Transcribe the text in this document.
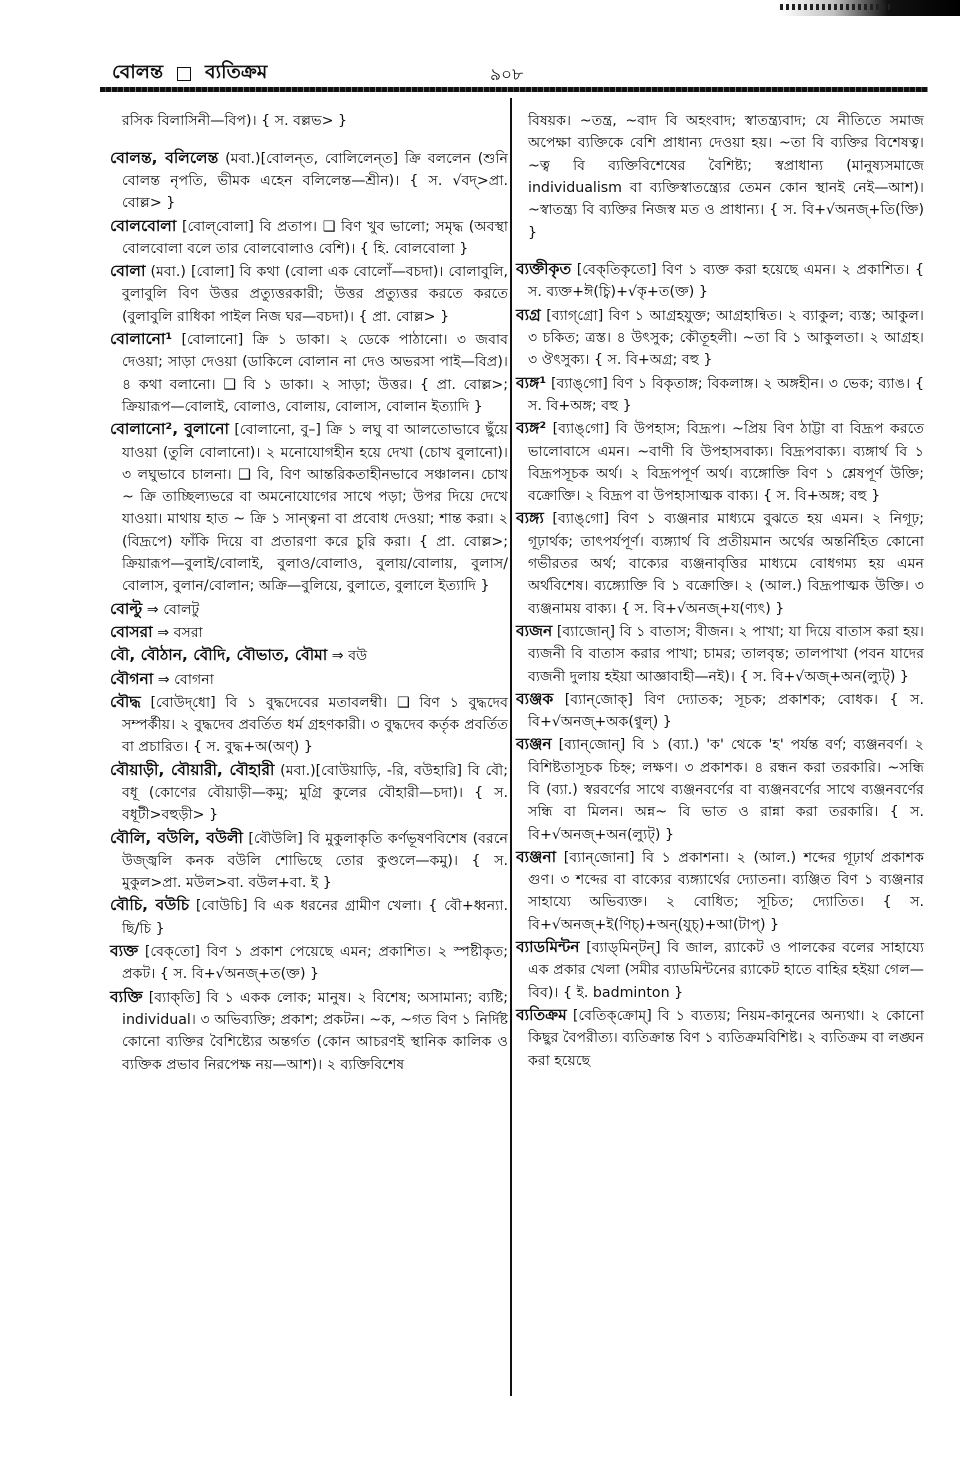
বোলন্ত ব্যতিক্রম	৯০৮

রসিক বিলাসিনী—বিপ)। { স. বল্লভ> }

বোলন্ত, বলিলেন্ত (মবা.)[বোলন্‌ত, বোলিলেন্‌ত] ক্রি বললেন (শুনি বোলন্ত নৃপতি, ভীমক এহেন বলিলেন্ত—শ্রীন)। { স. √বদ্>প্রা. বোল্ল> }

বোলবোলা [বোল্‌বোলা] বি প্রতাপ। ❑ বিণ খুব ভালো; সমৃদ্ধ (অবস্থা বোলবোলা বলে তার বোলবোলাও বেশি)। { হি. বোলবোলা }

বোলা (মবা.) [বোলা] বি কথা (বোলা এক বোলোঁ—বচদা)। বোলাবুলি, বুলাবুলি বিণ উত্তর প্রত্যুত্তরকারী; উত্তর প্রত্যুত্তর করতে করতে (বুলাবুলি রাধিকা পাইল নিজ ঘর—বচদা)। { প্রা. বোল্ল> }

বোলানো¹ [বোলানো] ক্রি ১ ডাকা। ২ ডেকে পাঠানো। ৩ জবাব দেওয়া; সাড়া দেওয়া (ডাকিলে বোলান না দেও অভরসা পাই—বিপ্র)। ৪ কথা বলানো। ❑ বি ১ ডাকা। ২ সাড়া; উত্তর। { প্রা. বোল্ল>; ক্রিয়ারূপ—বোলাই, বোলাও, বোলায়, বোলাস, বোলান ইত্যাদি }

বোলানো², বুলানো [বোলানো, বু–] ক্রি ১ লঘু বা আলতোভাবে ছুঁয়ে যাওয়া (তুলি বোলানো)। ২ মনোযোগহীন হয়ে দেখা (চোখ বুলানো)। ৩ লঘুভাবে চালনা। ❑ বি, বিণ আন্তরিকতাহীনভাবে সঞ্চালন। চোখ ~ ক্রি তাচ্ছিল্যভরে বা অমনোযোগের সাথে পড়া; উপর দিয়ে দেখে যাওয়া। মাথায় হাত ~ ক্রি ১ সান্ত্বনা বা প্রবোধ দেওয়া; শান্ত করা। ২ (বিদ্রূপে) ফাঁকি দিয়ে বা প্রতারণা করে চুরি করা। { প্রা. বোল্ল>; ক্রিয়ারূপ—বুলাই/বোলাই, বুলাও/বোলাও, বুলায়/বোলায়, বুলাস/বোলাস, বুলান/বোলান; অক্রি—বুলিয়ে, বুলাতে, বুলালে ইত্যাদি }

বোল্টু ⇒ বোলটু

বোসরা ⇒ বসরা

বৌ, বৌঠান, বৌদি, বৌভাত, বৌমা ⇒ বউ

বৌগনা ⇒ বোগনা

বৌদ্ধ [বোউদ্‌ধো] বি ১ বুদ্ধদেবের মতাবলম্বী। ❑ বিণ ১ বুদ্ধদেব সম্পর্কীয়। ২ বুদ্ধদেব প্রবর্তিত ধর্ম গ্রহণকারী। ৩ বুদ্ধদেব কর্তৃক প্রবর্তিত বা প্রচারিত। { স. বুদ্ধ+অ(অণ্) }

বৌয়াড়ী, বৌয়ারী, বৌহারী (মবা.)[বোউয়াড়ি, -রি, বউহারি] বি বৌ; বধূ (কোণের বৌয়াড়ী—কমু; মুগ্রি কুলের বৌহারী—চদা)। { স. বধূটী>বহুড়ী> }

বৌলি, বউলি, বউলী [বৌউলি] বি মুকুলাকৃতি কর্ণভূষণবিশেষ (বরনে উজ্জ্বলি কনক বউলি শোভিছে তোর কুণ্ডলে—কমু)। { স. মুকুল>প্রা. মউল>বা. বউল+বা. ই }

বৌচি, বউচি [বোউচি] বি এক ধরনের গ্রামীণ খেলা। { বৌ+ধ্বন্যা. ছি/চি }

ব্যক্ত [বেক্‌তো] বিণ ১ প্রকাশ পেয়েছে এমন; প্রকাশিত। ২ স্পষ্টীকৃত; প্রকট। { স. বি+√অনজ্+ত(ক্ত) }

ব্যক্তি [ব্যাক্‌তি] বি ১ একক লোক; মানুষ। ২ বিশেষ; অসামান্য; ব্যষ্টি; individual। ৩ অভিব্যক্তি; প্রকাশ; প্রকটন। ~ক, ~গত বিণ ১ নির্দিষ্ট কোনো ব্যক্তির বৈশিষ্ট্যের অন্তর্গত (কোন আচরণই স্থানিক কালিক ও ব্যক্তিক প্রভাব নিরপেক্ষ নয়—আশ)। ২ ব্যক্তিবিশেষ

বিষয়ক। ~তন্ত্র, ~বাদ বি অহংবাদ; স্বাতন্ত্র্যবাদ; যে নীতিতে সমাজ অপেক্ষা ব্যক্তিকে বেশি প্রাধান্য দেওয়া হয়। ~তা বি ব্যক্তির বিশেষত্ব। ~ত্ব বি ব্যক্তিবিশেষের বৈশিষ্ট্য; স্বপ্রাধান্য (মানুষ্যসমাজে individualism বা ব্যক্তিস্বাতন্ত্র্যের তেমন কোন স্থানই নেই—আশ)। ~স্বাতন্ত্র্য বি ব্যক্তির নিজস্ব মত ও প্রাধান্য। { স. বি+√অনজ্+তি(ক্তি) }

ব্যক্তীকৃত [বেক্‌তিকৃতো] বিণ ১ ব্যক্ত করা হয়েছে এমন। ২ প্রকাশিত। { স. ব্যক্ত+ঈ(চ্বি)+√কৃ+ত(ক্ত) }

ব্যগ্র [ব্যাগ্‌গ্রো] বিণ ১ আগ্রহযুক্ত; আগ্রহান্বিত। ২ ব্যাকুল; ব্যস্ত; আকুল। ৩ চকিত; ত্রস্ত। ৪ উৎসুক; কৌতূহলী। ~তা বি ১ আকুলতা। ২ আগ্রহ। ৩ ঔৎসুক্য। { স. বি+অগ্র; বহু }

ব্যঙ্গ¹ [ব্যাঙ্‌গো] বিণ ১ বিকৃতাঙ্গ; বিকলাঙ্গ। ২ অঙ্গহীন। ৩ ভেক; ব্যাঙ। { স. বি+অঙ্গ; বহু }

ব্যঙ্গ² [ব্যাঙ্‌গো] বি উপহাস; বিদ্রূপ। ~প্রিয় বিণ ঠাট্টা বা বিদ্রূপ করতে ভালোবাসে এমন। ~বাণী বি উপহাসবাক্য। বিদ্রূপবাক্য। ব্যঙ্গার্থ বি ১ বিদ্রূপসূচক অর্থ। ২ বিদ্রূপপূর্ণ অর্থ। ব্যঙ্গোক্তি বিণ ১ শ্লেষপূর্ণ উক্তি; বক্রোক্তি। ২ বিদ্রূপ বা উপহাসাত্মক বাক্য। { স. বি+অঙ্গ; বহু }

ব্যঙ্গ্য [ব্যাঙ্‌গো] বিণ ১ ব্যঞ্জনার মাধ্যমে বুঝতে হয় এমন। ২ নিগূঢ়; গূঢ়ার্থক; তাৎপর্যপূর্ণ। ব্যঙ্গ্যার্থ বি প্রতীয়মান অর্থের অন্তর্নিহিত কোনো গভীরতর অর্থ; বাক্যের ব্যঞ্জনাবৃত্তির মাধ্যমে বোধগম্য হয় এমন অর্থবিশেষ। ব্যঙ্গ্যোক্তি বি ১ বক্রোক্তি। ২ (আল.) বিদ্রূপাত্মক উক্তি। ৩ ব্যঞ্জনাময় বাক্য। { স. বি+√অনজ্+য(ণ্যৎ) }

ব্যজন [ব্যাজোন্] বি ১ বাতাস; বীজন। ২ পাখা; যা দিয়ে বাতাস করা হয়। ব্যজনী বি বাতাস করার পাখা; চামর; তালবৃন্ত; তালপাখা (পবন যাদের ব্যজনী দুলায় হইয়া আজ্ঞাবাহী—নই)। { স. বি+√অজ্+অন(ল্যুট্) }

ব্যঞ্জক [ব্যান্‌জোক্] বিণ দ্যোতক; সূচক; প্রকাশক; বোধক। { স. বি+√অনজ্+অক(ণ্বুল্) }

ব্যঞ্জন [ব্যান্‌জোন্] বি ১ (ব্যা.) 'ক' থেকে 'হ' পর্যন্ত বর্ণ; ব্যঞ্জনবর্ণ। ২ বিশিষ্টতাসূচক চিহ্ন; লক্ষণ। ৩ প্রকাশক। ৪ রন্ধন করা তরকারি। ~সন্ধি বি (ব্যা.) স্বরবর্ণের সাথে ব্যঞ্জনবর্ণের বা ব্যঞ্জনবর্ণের সাথে ব্যঞ্জনবর্ণের সন্ধি বা মিলন। অন্ন~ বি ভাত ও রান্না করা তরকারি। { স. বি+√অনজ্+অন(ল্যুট্) }

ব্যঞ্জনা [ব্যান্‌জোনা] বি ১ প্রকাশনা। ২ (আল.) শব্দের গূঢ়ার্থ প্রকাশক গুণ। ৩ শব্দের বা বাক্যের ব্যঙ্গ্যার্থের দ্যোতনা। ব্যঞ্জিত বিণ ১ ব্যঞ্জনার সাহায্যে অভিব্যক্ত। ২ বোধিত; সূচিত; দ্যোতিত। { স. বি+√অনজ্+ই(ণিচ্)+অন্(যুচ্)+আ(টাপ্) }

ব্যাডমিন্টন [ব্যাড্‌মিন্‌টন্] বি জাল, র‍্যাকেট ও পালকের বলের সাহায্যে এক প্রকার খেলা (সমীর ব্যাডমিন্টনের র‍্যাকেট হাতে বাহির হইয়া গেল—বিব)। { ই. badminton }

ব্যতিক্রম [বেতিক্‌ক্রোম্] বি ১ ব্যত্যয়; নিয়ম-কানুনের অন্যথা। ২ কোনো কিছুর বৈপরীত্য। ব্যতিক্রান্ত বিণ ১ ব্যতিক্রমবিশিষ্ট। ২ ব্যতিক্রম বা লঙ্ঘন করা হয়েছে
